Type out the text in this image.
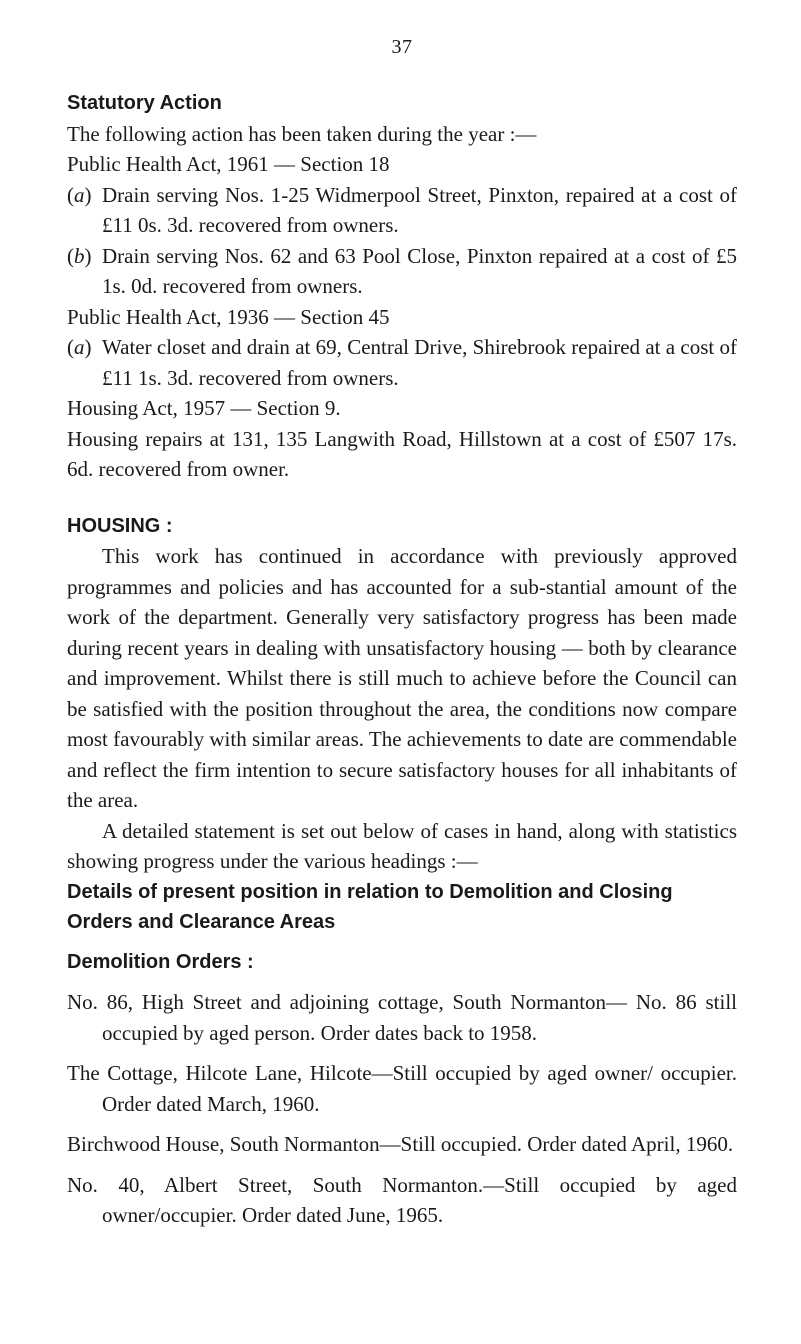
37

Statutory Action

The following action has been taken during the year :—

Public Health Act, 1961 — Section 18

(a) Drain serving Nos. 1-25 Widmerpool Street, Pinxton, repaired at a cost of £11 0s. 3d. recovered from owners.
(b) Drain serving Nos. 62 and 63 Pool Close, Pinxton repaired at a cost of £5 1s. 0d. recovered from owners.

Public Health Act, 1936 — Section 45

(a) Water closet and drain at 69, Central Drive, Shirebrook repaired at a cost of £11 1s. 3d. recovered from owners.

Housing Act, 1957 — Section 9.

Housing repairs at 131, 135 Langwith Road, Hillstown at a cost of £507 17s. 6d. recovered from owner.

HOUSING :

This work has continued in accordance with previously approved programmes and policies and has accounted for a sub-stantial amount of the work of the department. Generally very satisfactory progress has been made during recent years in dealing with unsatisfactory housing — both by clearance and improvement. Whilst there is still much to achieve before the Council can be satisfied with the position throughout the area, the conditions now compare most favourably with similar areas. The achievements to date are commendable and reflect the firm intention to secure satisfactory houses for all inhabitants of the area.

A detailed statement is set out below of cases in hand, along with statistics showing progress under the various headings :—

Details of present position in relation to Demolition and Closing Orders and Clearance Areas

Demolition Orders :

No. 86, High Street and adjoining cottage, South Normanton— No. 86 still occupied by aged person. Order dates back to 1958.

The Cottage, Hilcote Lane, Hilcote—Still occupied by aged owner/ occupier. Order dated March, 1960.

Birchwood House, South Normanton—Still occupied. Order dated April, 1960.

No. 40, Albert Street, South Normanton.—Still occupied by aged owner/occupier. Order dated June, 1965.
